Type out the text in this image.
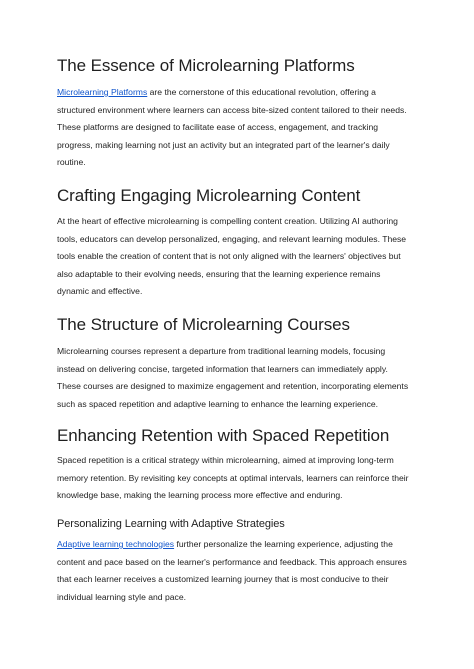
The Essence of Microlearning Platforms

Microlearning Platforms are the cornerstone of this educational revolution, offering a
structured environment where learners can access bite-sized content tailored to their needs.
These platforms are designed to facilitate ease of access, engagement, and tracking
progress, making learning not just an activity but an integrated part of the learner's daily
routine.

Crafting Engaging Microlearning Content

At the heart of effective microlearning is compelling content creation. Utilizing AI authoring
tools, educators can develop personalized, engaging, and relevant learning modules. These
tools enable the creation of content that is not only aligned with the learners' objectives but
also adaptable to their evolving needs, ensuring that the learning experience remains
dynamic and effective.

The Structure of Microlearning Courses

Microlearning courses represent a departure from traditional learning models, focusing
instead on delivering concise, targeted information that learners can immediately apply.
These courses are designed to maximize engagement and retention, incorporating elements
such as spaced repetition and adaptive learning to enhance the learning experience.

Enhancing Retention with Spaced Repetition

Spaced repetition is a critical strategy within microlearning, aimed at improving long-term
memory retention. By revisiting key concepts at optimal intervals, learners can reinforce their
knowledge base, making the learning process more effective and enduring.

Personalizing Learning with Adaptive Strategies

Adaptive learning technologies further personalize the learning experience, adjusting the
content and pace based on the learner's performance and feedback. This approach ensures
that each learner receives a customized learning journey that is most conducive to their
individual learning style and pace.
